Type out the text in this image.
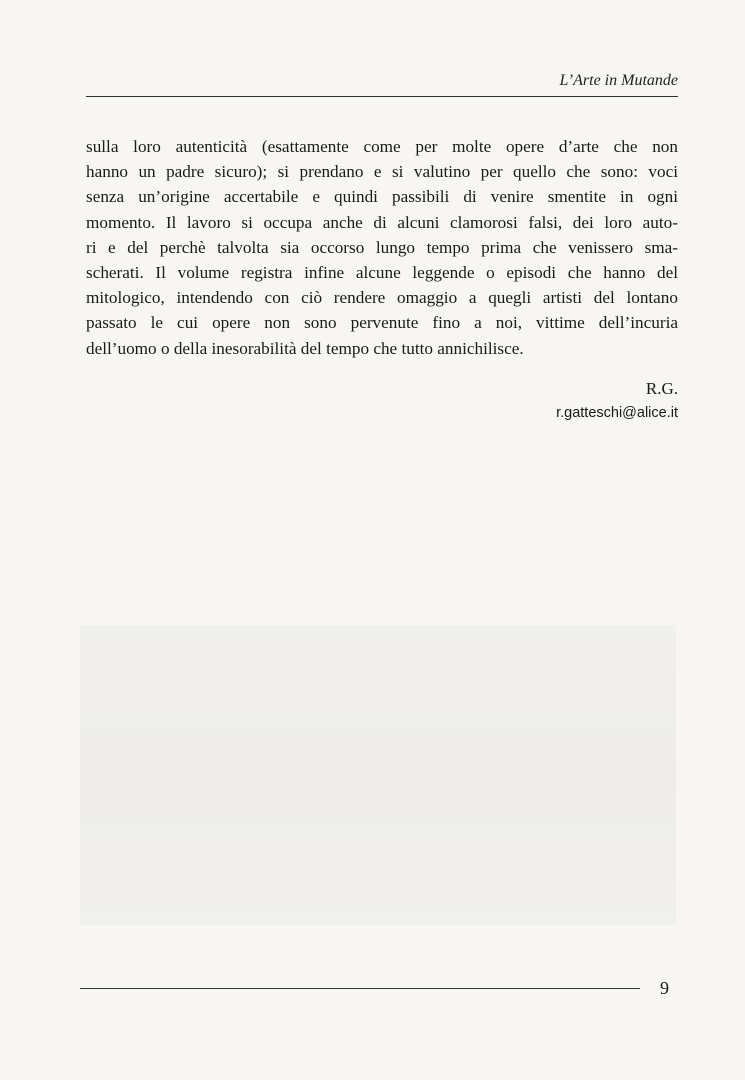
L’Arte in Mutande
sulla loro autenticità (esattamente come per molte opere d’arte che non
hanno un padre sicuro); si prendano e si valutino per quello che sono: voci
senza un’origine accertabile e quindi passibili di venire smentite in ogni
momento. Il lavoro si occupa anche di alcuni clamorosi falsi, dei loro auto-
ri e del perchè talvolta sia occorso lungo tempo prima che venissero sma-
scherati. Il volume registra infine alcune leggende o episodi che hanno del
mitologico, intendendo con ciò rendere omaggio a quegli artisti del lontano
passato le cui opere non sono pervenute fino a noi, vittime dell’incuria
dell’uomo o della inesorabilità del tempo che tutto annichilisce.
R.G.
r.gatteschi@alice.it
9
